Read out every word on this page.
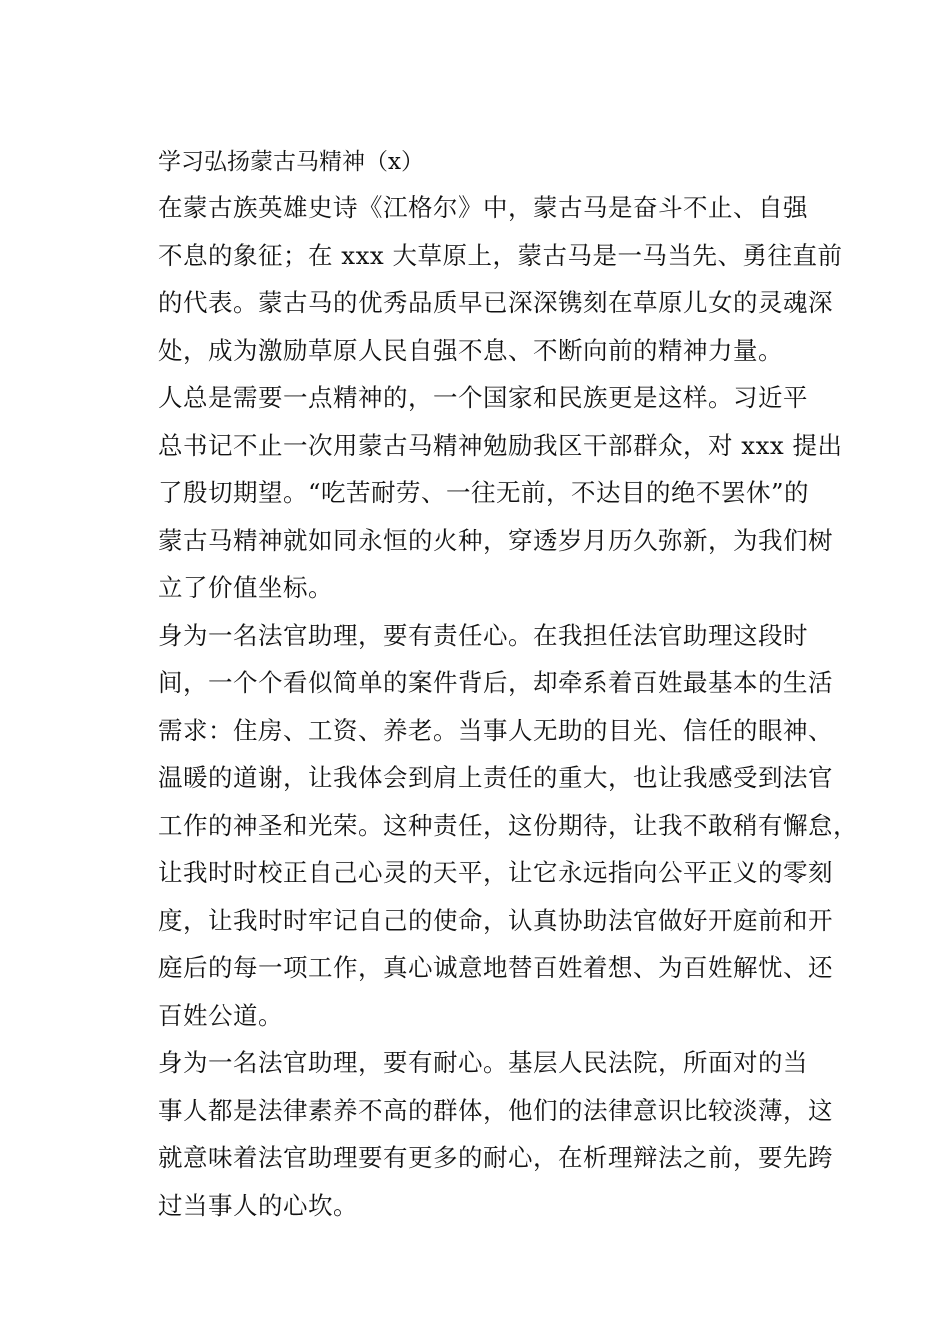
学习弘扬蒙古马精神（x）

在蒙古族英雄史诗《江格尔》中，蒙古马是奋斗不止、自强
不息的象征；在 xxx 大草原上，蒙古马是一马当先、勇往直前
的代表。蒙古马的优秀品质早已深深镌刻在草原儿女的灵魂深
处，成为激励草原人民自强不息、不断向前的精神力量。

人总是需要一点精神的，一个国家和民族更是这样。习近平
总书记不止一次用蒙古马精神勉励我区干部群众，对 xxx 提出
了殷切期望。“吃苦耐劳、一往无前，不达目的绝不罢休”的
蒙古马精神就如同永恒的火种，穿透岁月历久弥新，为我们树
立了价值坐标。

身为一名法官助理，要有责任心。在我担任法官助理这段时
间，一个个看似简单的案件背后，却牵系着百姓最基本的生活
需求：住房、工资、养老。当事人无助的目光、信任的眼神、
温暖的道谢，让我体会到肩上责任的重大，也让我感受到法官
工作的神圣和光荣。这种责任，这份期待，让我不敢稍有懈怠，
让我时时校正自己心灵的天平，让它永远指向公平正义的零刻
度，让我时时牢记自己的使命，认真协助法官做好开庭前和开
庭后的每一项工作，真心诚意地替百姓着想、为百姓解忧、还
百姓公道。

身为一名法官助理，要有耐心。基层人民法院，所面对的当
事人都是法律素养不高的群体，他们的法律意识比较淡薄，这
就意味着法官助理要有更多的耐心，在析理辩法之前，要先跨
过当事人的心坎。
